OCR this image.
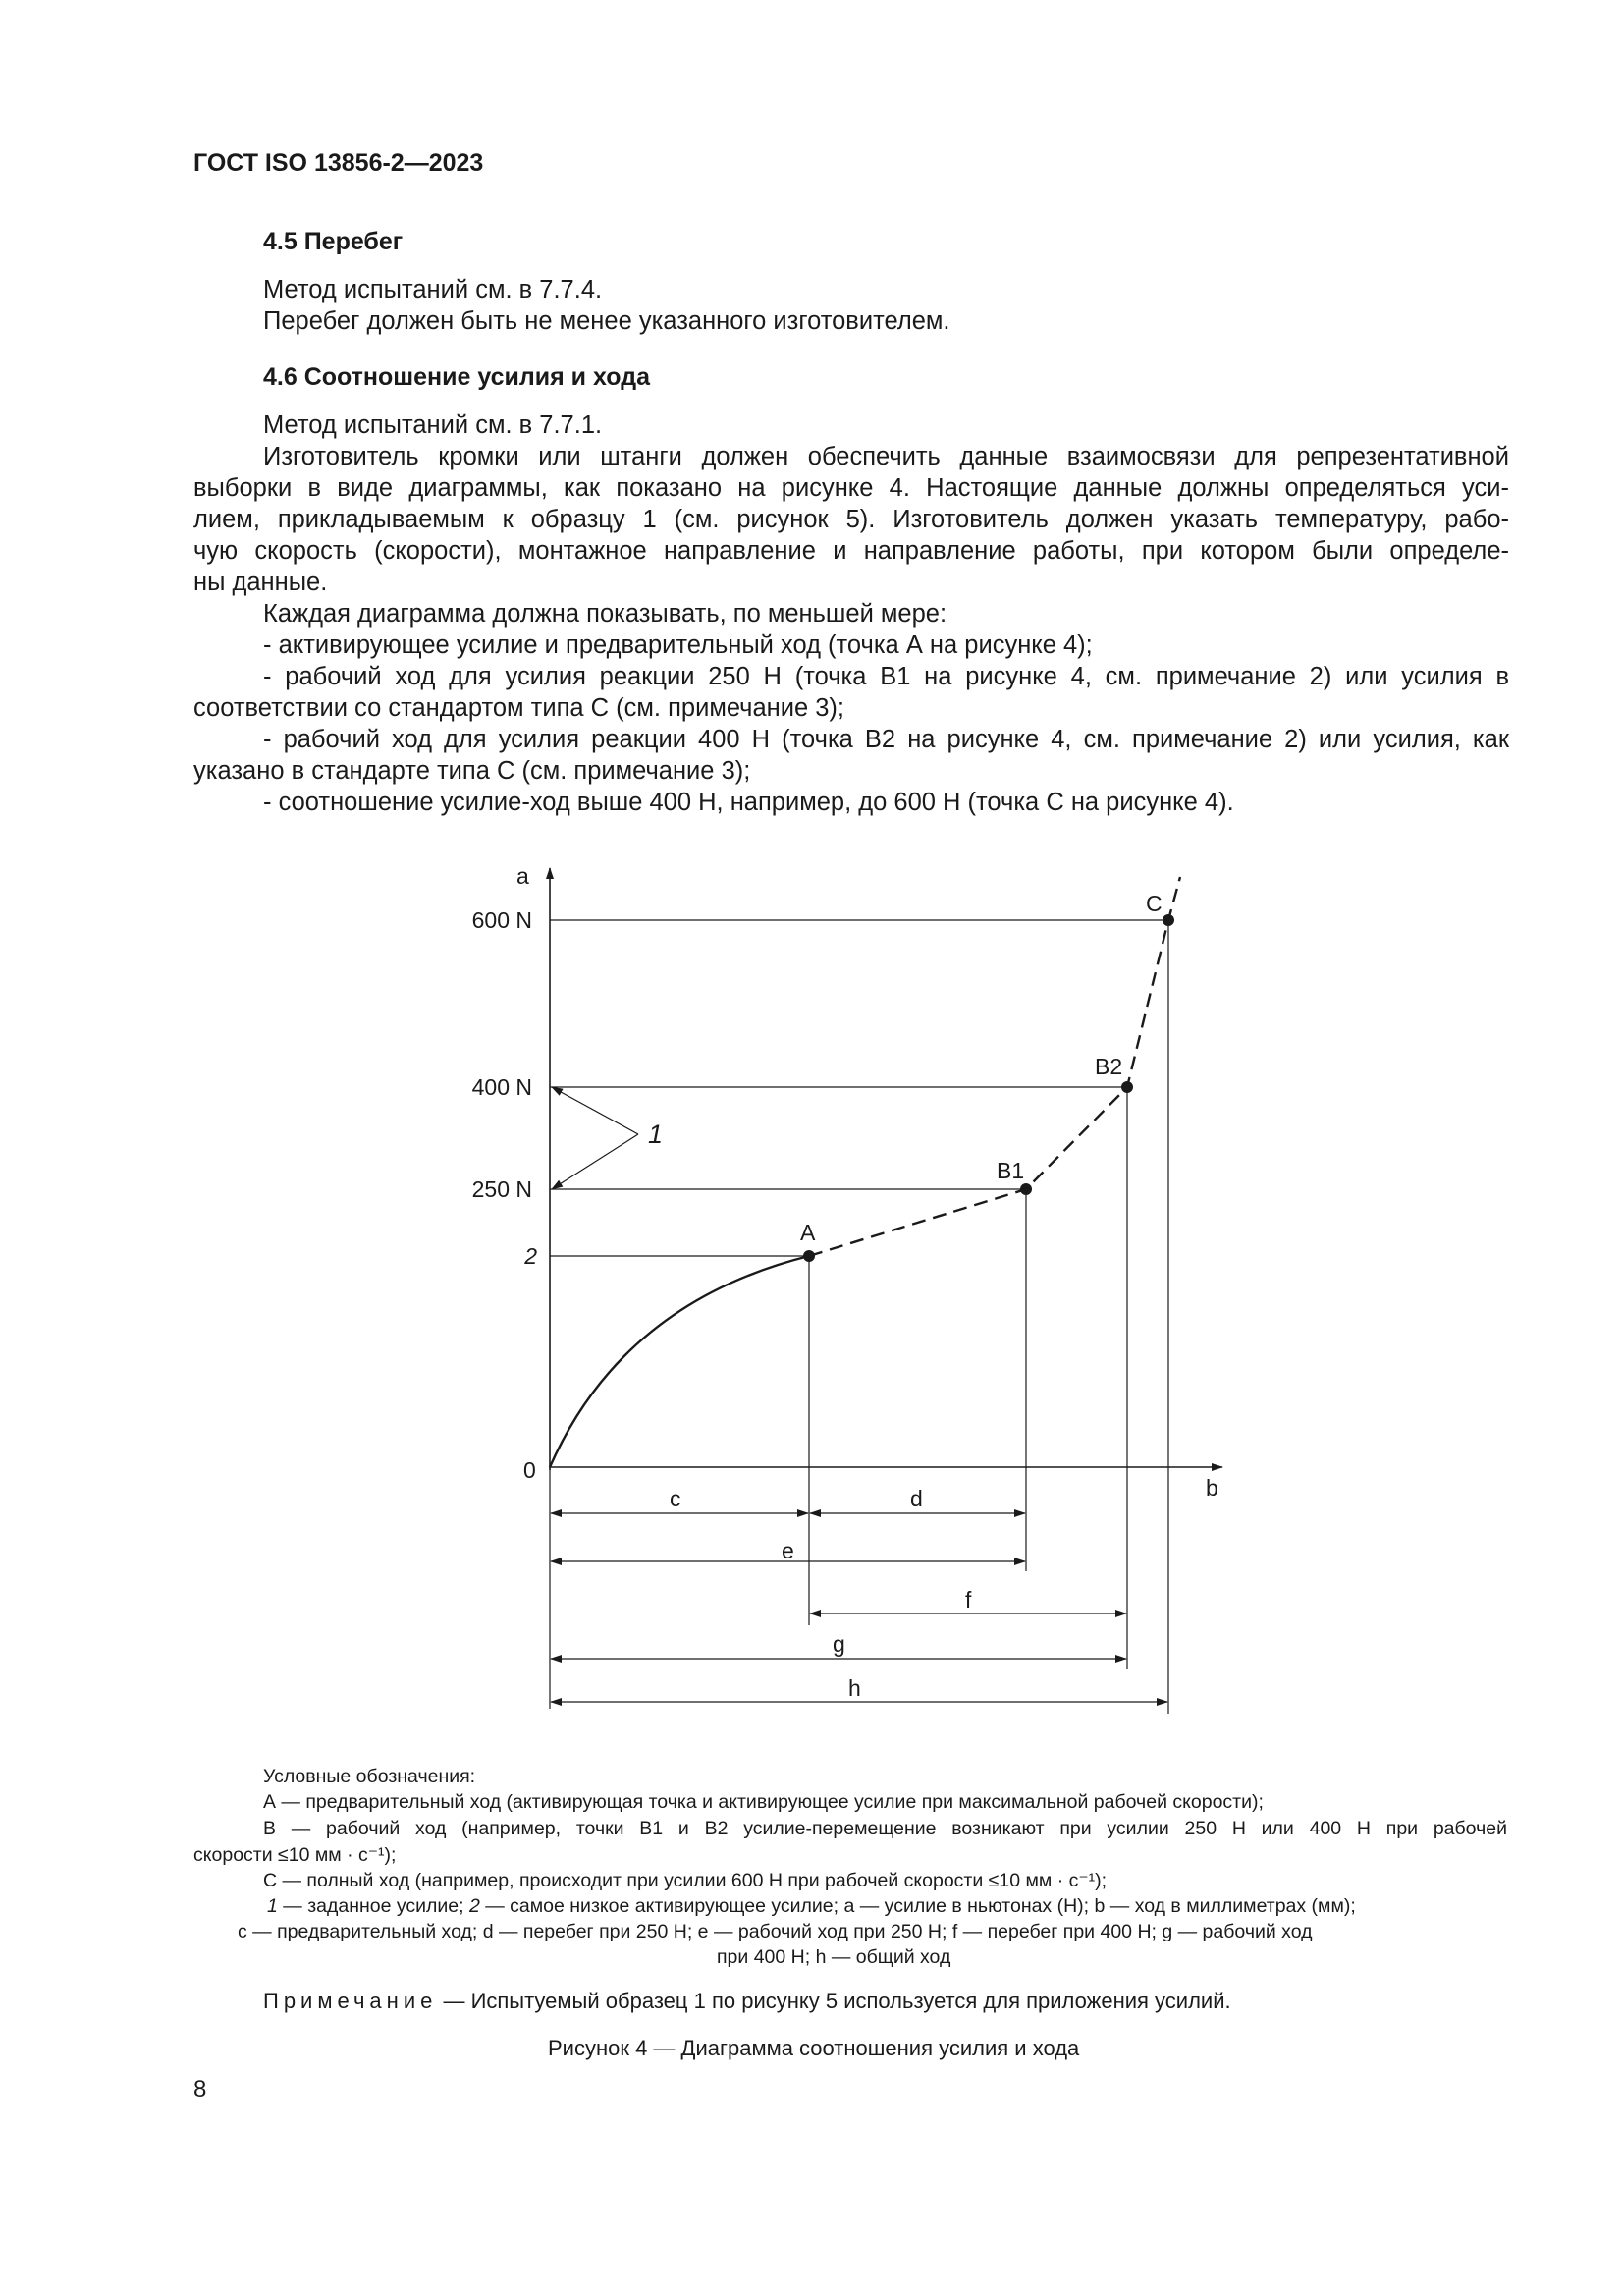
ГОСТ ISO 13856-2—2023
4.5 Перебег
Метод испытаний см. в 7.7.4.
Перебег должен быть не менее указанного изготовителем.
4.6 Соотношение усилия и хода
Метод испытаний см. в 7.7.1.
Изготовитель кромки или штанги должен обеспечить данные взаимосвязи для репрезентативной
выборки в виде диаграммы, как показано на рисунке 4. Настоящие данные должны определяться уси-
лием, прикладываемым к образцу 1 (см. рисунок 5). Изготовитель должен указать температуру, рабо-
чую скорость (скорости), монтажное направление и направление работы, при котором были определе-
ны данные.
Каждая диаграмма должна показывать, по меньшей мере:
- активирующее усилие и предварительный ход (точка А на рисунке 4);
- рабочий ход для усилия реакции 250 Н (точка В1 на рисунке 4, см. примечание 2) или усилия в
соответствии со стандартом типа С (см. примечание 3);
- рабочий ход для усилия реакции 400 Н (точка В2 на рисунке 4, см. примечание 2) или усилия, как
указано в стандарте типа С (см. примечание 3);
- соотношение усилие-ход выше 400 Н, например, до 600 Н (точка С на рисунке 4).
a
b
0
600 N
400 N
250 N
2
1
A
B1
B2
C
c	d
e
f
g
h
Условные обозначения:
А — предварительный ход (активирующая точка и активирующее усилие при максимальной рабочей скорости);
В — рабочий ход (например, точки В1 и В2 усилие-перемещение возникают при усилии 250 Н или 400 Н при рабочей
скорости ≤10 мм · с⁻¹);
С — полный ход (например, происходит при усилии 600 Н при рабочей скорости ≤10 мм · с⁻¹);
1 — заданное усилие; 2 — самое низкое активирующее усилие; a — усилие в ньютонах (Н); b — ход в миллиметрах (мм);
c — предварительный ход; d — перебег при 250 Н; e — рабочий ход при 250 Н; f — перебег при 400 Н; g — рабочий ход
при 400 Н; h — общий ход
Примечание — Испытуемый образец 1 по рисунку 5 используется для приложения усилий.
Рисунок 4 — Диаграмма соотношения усилия и хода
8
